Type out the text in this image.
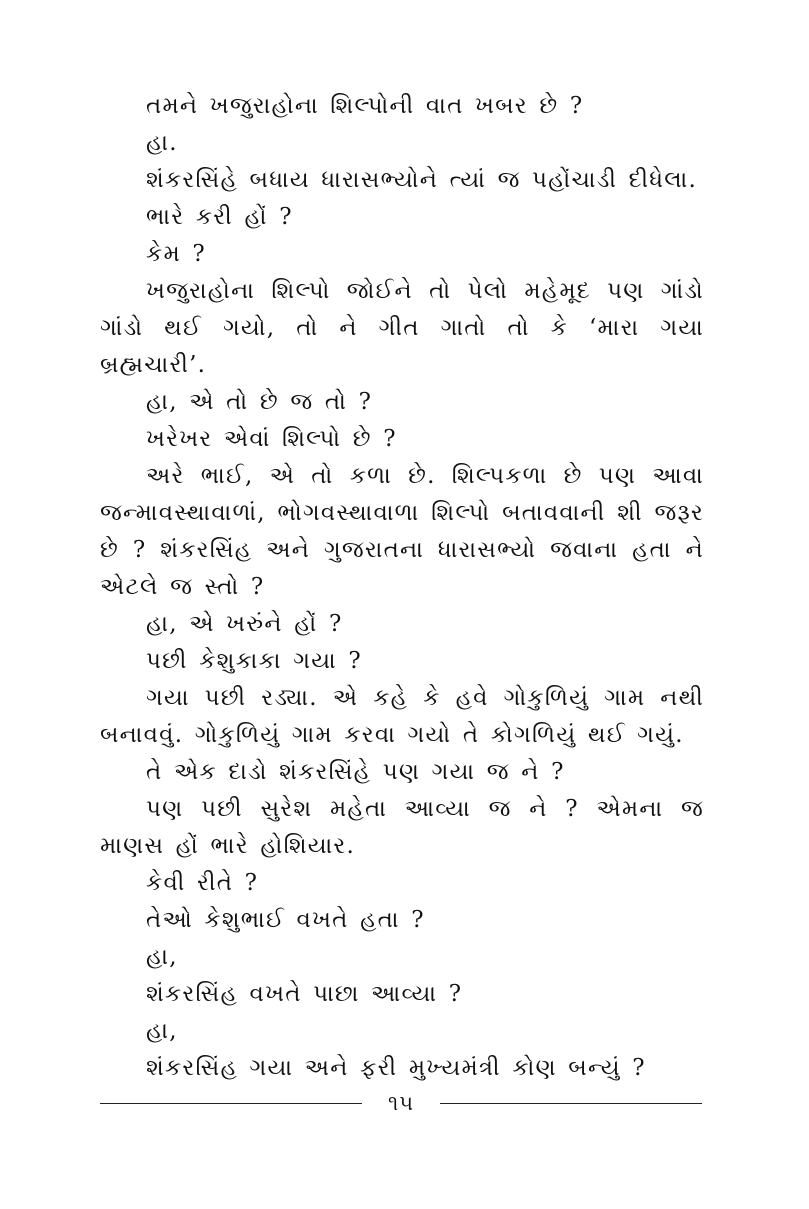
તમને ખજુરાહોના શિલ્પોની વાત ખબર છે ?

હા.

શંકરસિંહે બધાય ધારાસભ્યોને ત્યાં જ પહોંચાડી દીધેલા.

ભારે કરી હોં ?

કેમ ?

ખજુરાહોના શિલ્પો જોઈને તો પેલો મહેમૂદ પણ ગાંડો ગાંડો થઈ ગયો, તો ને ગીત ગાતો તો કે ‘મારા ગયા બ્રહ્મચારી’.

હા, એ તો છે જ તો ?

ખરેખર એવાં શિલ્પો છે ?

અરે ભાઈ, એ તો કળા છે. શિલ્પકળા છે પણ આવા જન્માવસ્થાવાળાં, ભોગવસ્થાવાળા શિલ્પો બતાવવાની શી જરૂર છે ? શંકરસિંહ અને ગુજરાતના ધારાસભ્યો જવાના હતા ને એટલે જ સ્તો ?

હા, એ ખરુંને હોં ?

પછી કેશુકાકા ગયા ?

ગયા પછી રડ્યા. એ કહે કે હવે ગોકુળિયું ગામ નથી બનાવવું. ગોકુળિયું ગામ કરવા ગયો તે કોગળિયું થઈ ગયું.

તે એક દાડો શંકરસિંહે પણ ગયા જ ને ?

પણ પછી સુરેશ મહેતા આવ્યા જ ને ? એમના જ માણસ હોં ભારે હોશિયાર.

કેવી રીતે ?

તેઓ કેશુભાઈ વખતે હતા ?

હા,

શંકરસિંહ વખતે પાછા આવ્યા ?

હા,

શંકરસિંહ ગયા અને ફરી મુખ્યમંત્રી કોણ બન્યું ?

૧૫
